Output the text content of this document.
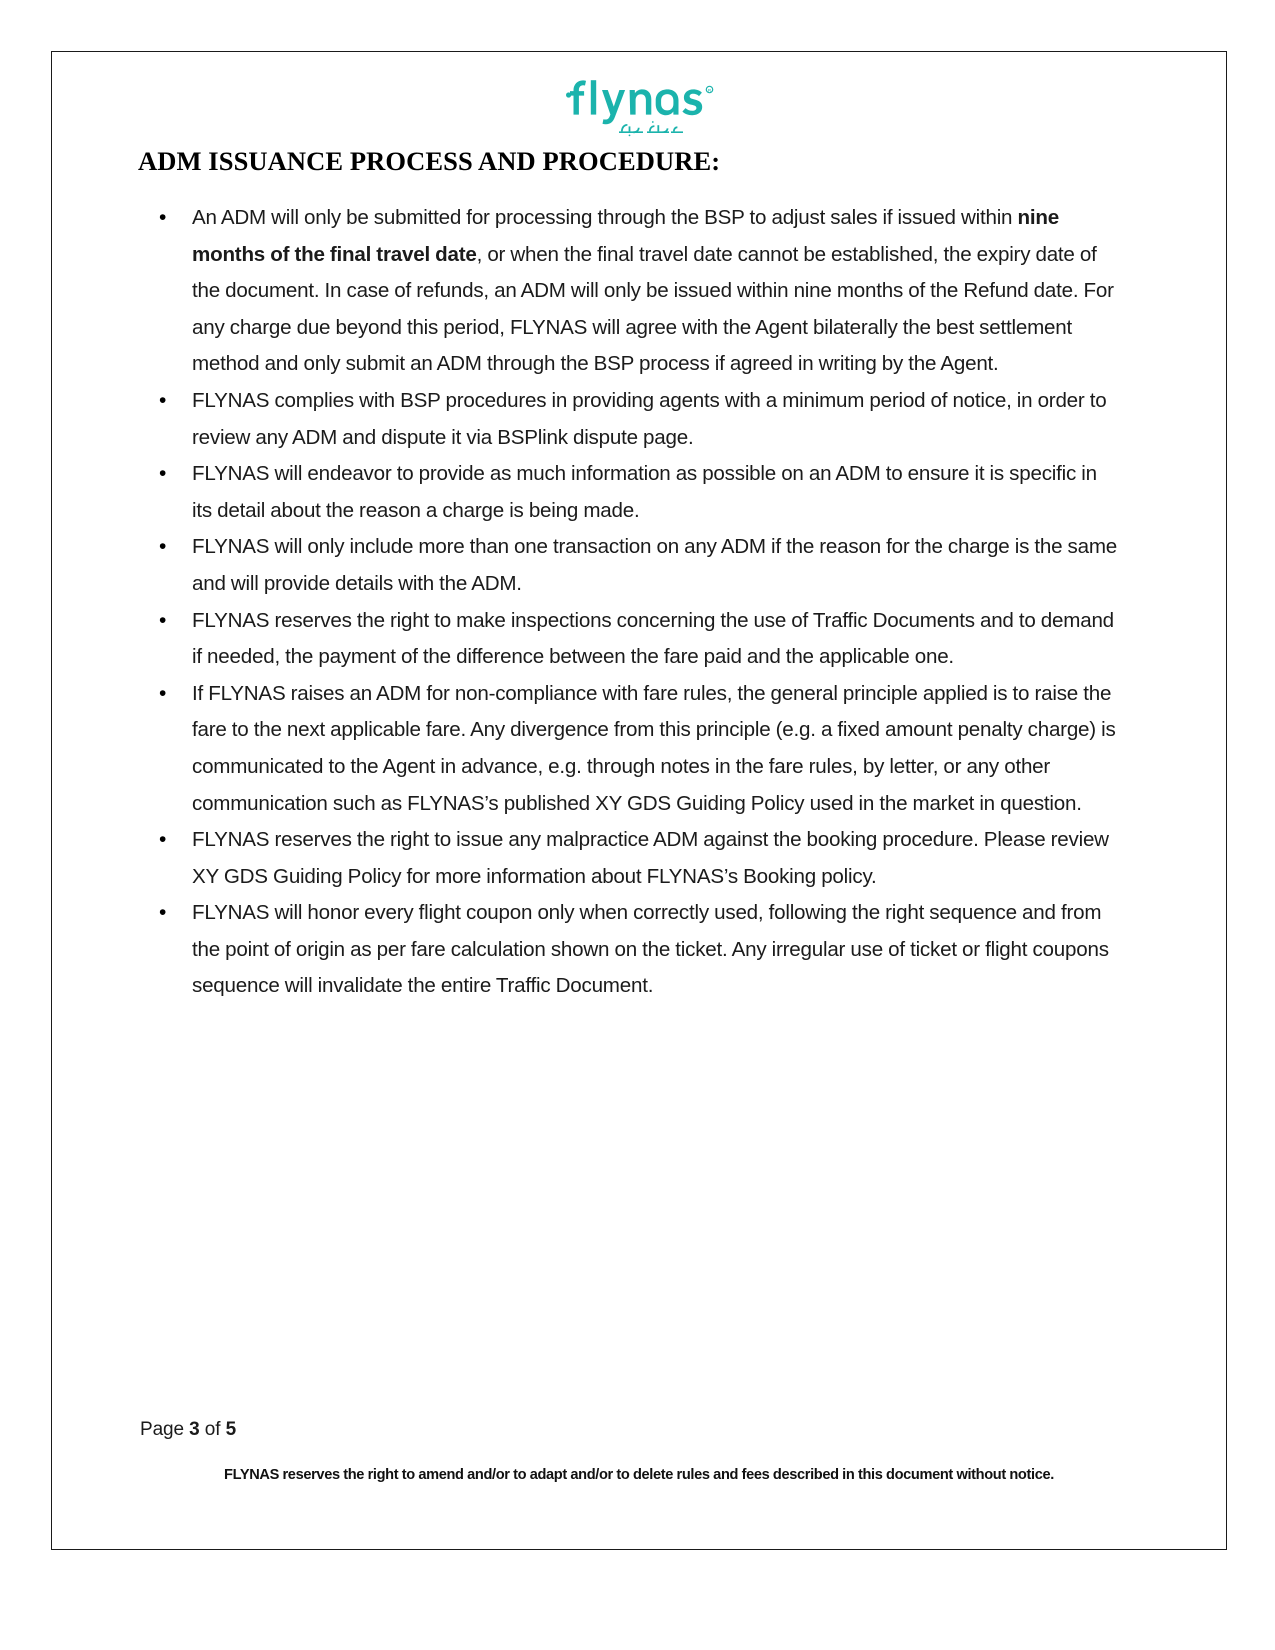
R
ADM ISSUANCE PROCESS AND PROCEDURE:
• An ADM will only be submitted for processing through the BSP to adjust sales if issued within nine months of the final travel date, or when the final travel date cannot be established, the expiry date of the document. In case of refunds, an ADM will only be issued within nine months of the Refund date. For any charge due beyond this period, FLYNAS will agree with the Agent bilaterally the best settlement method and only submit an ADM through the BSP process if agreed in writing by the Agent.
• FLYNAS complies with BSP procedures in providing agents with a minimum period of notice, in order to review any ADM and dispute it via BSPlink dispute page.
• FLYNAS will endeavor to provide as much information as possible on an ADM to ensure it is specific in its detail about the reason a charge is being made.
• FLYNAS will only include more than one transaction on any ADM if the reason for the charge is the same and will provide details with the ADM.
• FLYNAS reserves the right to make inspections concerning the use of Traffic Documents and to demand if needed, the payment of the difference between the fare paid and the applicable one.
• If FLYNAS raises an ADM for non-compliance with fare rules, the general principle applied is to raise the fare to the next applicable fare. Any divergence from this principle (e.g. a fixed amount penalty charge) is communicated to the Agent in advance, e.g. through notes in the fare rules, by letter, or any other communication such as FLYNAS’s published XY GDS Guiding Policy used in the market in question.
• FLYNAS reserves the right to issue any malpractice ADM against the booking procedure. Please review XY GDS Guiding Policy for more information about FLYNAS’s Booking policy.
• FLYNAS will honor every flight coupon only when correctly used, following the right sequence and from the point of origin as per fare calculation shown on the ticket. Any irregular use of ticket or flight coupons sequence will invalidate the entire Traffic Document.
Page 3 of 5
FLYNAS reserves the right to amend and/or to adapt and/or to delete rules and fees described in this document without notice.
